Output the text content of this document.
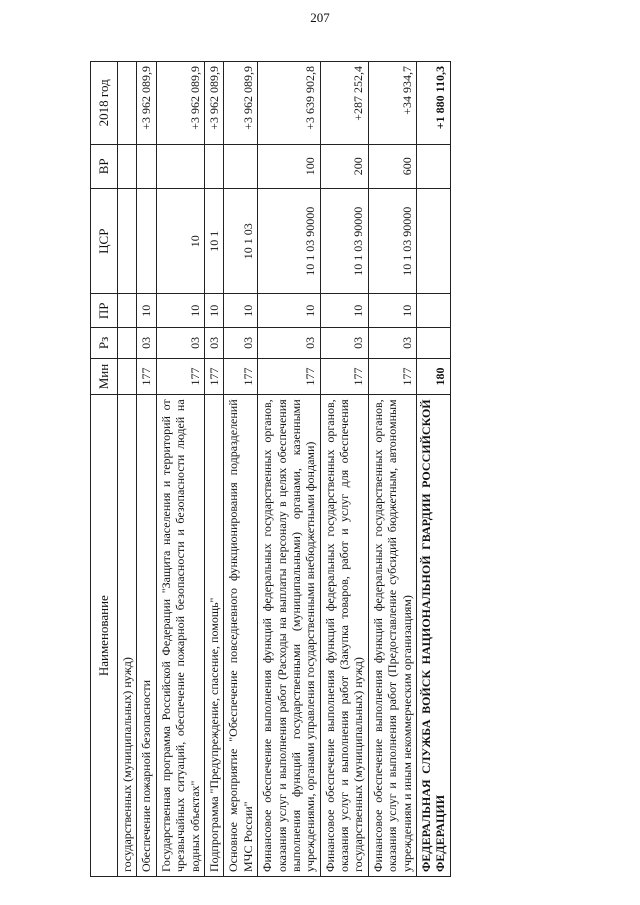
207
Наименование	Мин	Рз	ПР	ЦСР	ВР	2018 год
государственных (муниципальных) нужд)						
Обеспечение пожарной безопасности	177	03	10			+3 962 089,9
Государственная программа Российской Федерации "Защита населения и территорий от чрезвычайных ситуаций, обеспечение пожарной безопасности и безопасности людей на водных объектах"	177	03	10	10		+3 962 089,9
Подпрограмма "Предупреждение, спасение, помощь"	177	03	10	10 1		+3 962 089,9
Основное мероприятие "Обеспечение повседневного функционирования подразделений МЧС России"	177	03	10	10 1 03		+3 962 089,9
Финансовое обеспечение выполнения функций федеральных государственных органов, оказания услуг и выполнения работ (Расходы на выплаты персоналу в целях обеспечения выполнения функций государственными (муниципальными) органами, казенными учреждениями, органами управления государственными внебюджетными фондами)	177	03	10	10 1 03 90000	100	+3 639 902,8
Финансовое обеспечение выполнения функций федеральных государственных органов, оказания услуг и выполнения работ (Закупка товаров, работ и услуг для обеспечения государственных (муниципальных) нужд)	177	03	10	10 1 03 90000	200	+287 252,4
Финансовое обеспечение выполнения функций федеральных государственных органов, оказания услуг и выполнения работ (Предоставление субсидий бюджетным, автономным учреждениям и иным некоммерческим организациям)	177	03	10	10 1 03 90000	600	+34 934,7
ФЕДЕРАЛЬНАЯ СЛУЖБА ВОЙСК НАЦИОНАЛЬНОЙ ГВАРДИИ РОССИЙСКОЙ ФЕДЕРАЦИИ	180					+1 880 110,3
